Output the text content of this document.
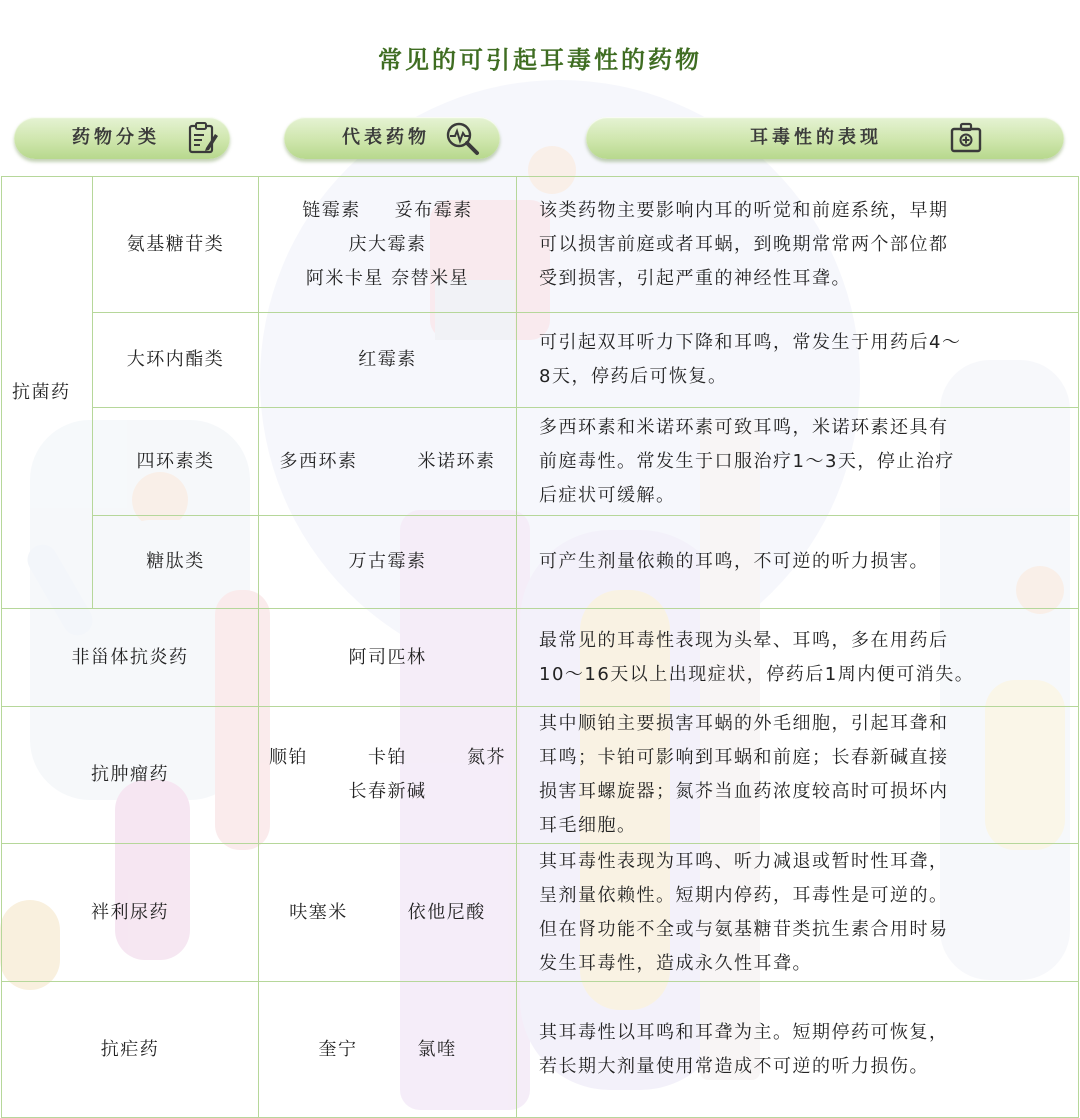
常见的可引起耳毒性的药物
药物分类	代表药物	耳毒性的表现
抗菌药	氨基糖苷类	链霉素 妥布霉素
庆大霉素
阿米卡星 奈替米星	该类药物主要影响内耳的听觉和前庭系统，早期
可以损害前庭或者耳蜗，到晚期常常两个部位都
受到损害，引起严重的神经性耳聋。

	大环内酯类	红霉素	可引起双耳听力下降和耳鸣，常发生于用药后4～
8天，停药后可恢复。

	四环素类	多西环素 米诺环素	多西环素和米诺环素可致耳鸣，米诺环素还具有
前庭毒性。常发生于口服治疗1～3天，停止治疗
后症状可缓解。

	糖肽类	万古霉素	可产生剂量依赖的耳鸣，不可逆的听力损害。

非甾体抗炎药		阿司匹林	最常见的耳毒性表现为头晕、耳鸣，多在用药后
10～16天以上出现症状，停药后1周内便可消失。

抗肿瘤药		顺铂 卡铂 氮芥
长春新碱	其中顺铂主要损害耳蜗的外毛细胞，引起耳聋和
耳鸣；卡铂可影响到耳蜗和前庭；长春新碱直接
损害耳螺旋器；氮芥当血药浓度较高时可损坏内
耳毛细胞。

袢利尿药		呋塞米 依他尼酸	其耳毒性表现为耳鸣、听力减退或暂时性耳聋，
呈剂量依赖性。短期内停药，耳毒性是可逆的。
但在肾功能不全或与氨基糖苷类抗生素合用时易
发生耳毒性，造成永久性耳聋。

抗疟药		奎宁 氯喹	其耳毒性以耳鸣和耳聋为主。短期停药可恢复，
若长期大剂量使用常造成不可逆的听力损伤。
